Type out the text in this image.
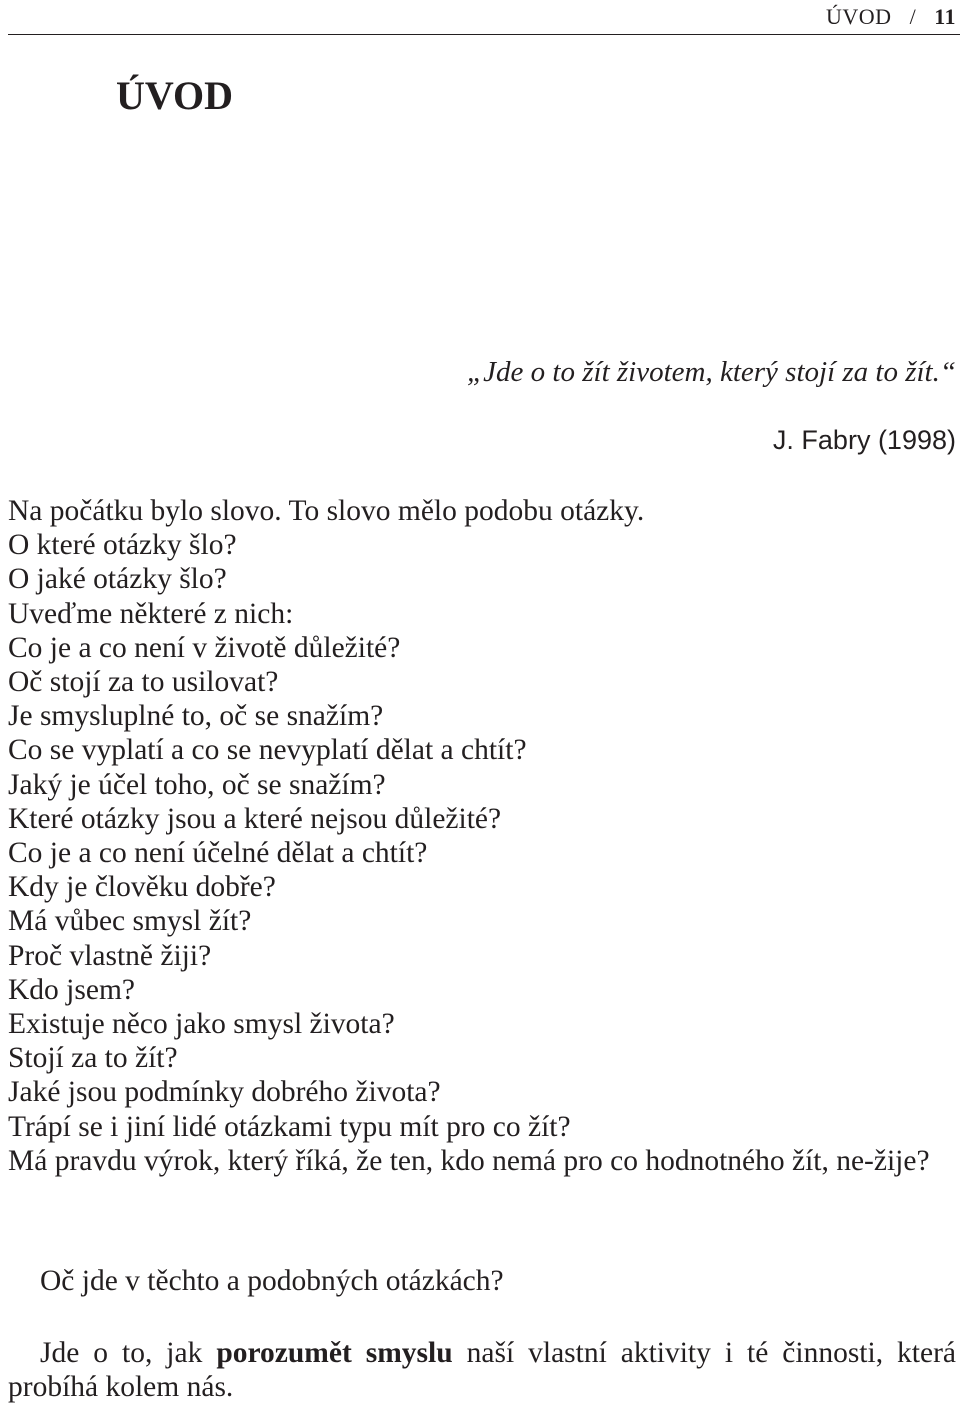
ÚVOD / 11
ÚVOD
„Jde o to žít životem, který stojí za to žít.“
J. Fabry (1998)
Na počátku bylo slovo. To slovo mělo podobu otázky.
O které otázky šlo?
O jaké otázky šlo?
Uveďme některé z nich:
Co je a co není v životě důležité?
Oč stojí za to usilovat?
Je smysluplné to, oč se snažím?
Co se vyplatí a co se nevyplatí dělat a chtít?
Jaký je účel toho, oč se snažím?
Které otázky jsou a které nejsou důležité?
Co je a co není účelné dělat a chtít?
Kdy je člověku dobře?
Má vůbec smysl žít?
Proč vlastně žiji?
Kdo jsem?
Existuje něco jako smysl života?
Stojí za to žít?
Jaké jsou podmínky dobrého života?
Trápí se i jiní lidé otázkami typu mít pro co žít?
Má pravdu výrok, který říká, že ten, kdo nemá pro co hodnotného žít, ne-žije?

Oč jde v těchto a podobných otázkách?

Jde o to, jak porozumět smyslu naší vlastní aktivity i té činnosti, která probíhá kolem nás.
